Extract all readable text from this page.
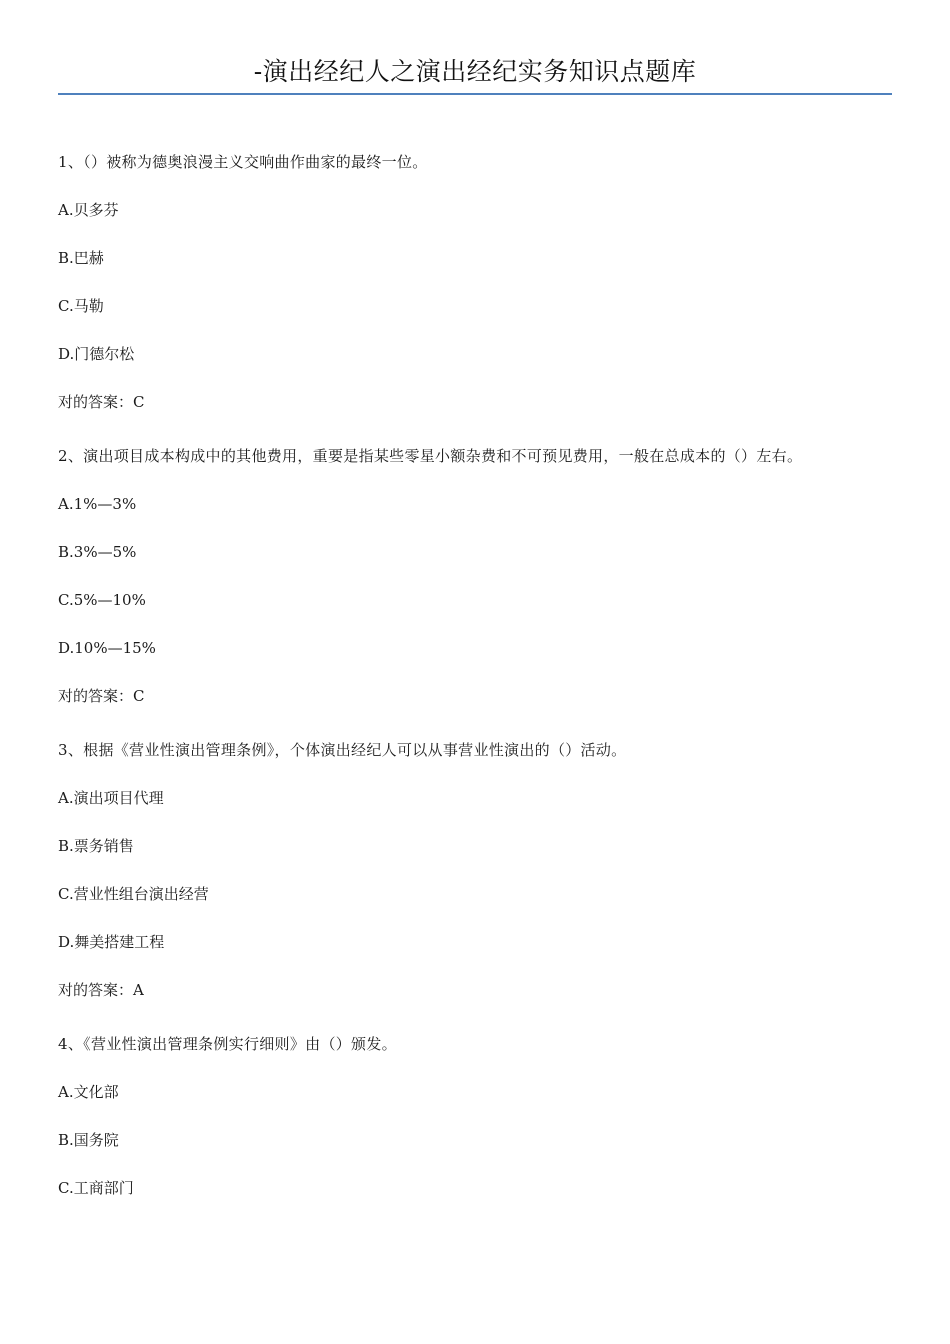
-演出经纪人之演出经纪实务知识点题库
1、（）被称为德奥浪漫主义交响曲作曲家的最终一位。
A.贝多芬
B.巴赫
C.马勒
D.门德尔松
对的答案：C
2、演出项目成本构成中的其他费用，重要是指某些零星小额杂费和不可预见费用，一般在总成本的（）左右。
A.1%—3%
B.3%—5%
C.5%—10%
D.10%—15%
对的答案：C
3、根据《营业性演出管理条例》，个体演出经纪人可以从事营业性演出的（）活动。
A.演出项目代理
B.票务销售
C.营业性组台演出经营
D.舞美搭建工程
对的答案：A
4、《营业性演出管理条例实行细则》由（）颁发。
A.文化部
B.国务院
C.工商部门
